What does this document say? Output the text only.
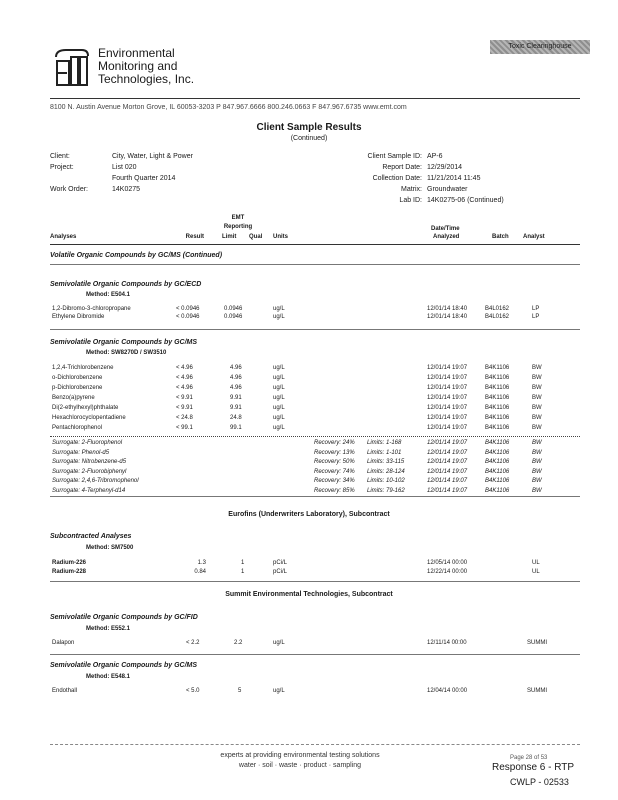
Environmental
Monitoring and
Technologies, Inc.
Toxic Clearinghouse
8100 N. Austin Avenue Morton Grove, IL 60053-3203 P 847.967.6666 800.246.0663 F 847.967.6735 www.emt.com
Client Sample Results
(Continued)
Client:	City, Water, Light & Power
Project:	List 020
Fourth Quarter 2014
Work Order:	14K0275
Client Sample ID: AP-6
Report Date: 12/29/2014
Collection Date: 11/21/2014 11:45
Matrix: Groundwater
Lab ID: 14K0275-06 (Continued)
EMT
Reporting
Analyses	Result	Limit Qual Units
Date/Time
Analyzed	Batch Analyst
Volatile Organic Compounds by GC/MS (Continued)
Semivolatile Organic Compounds by GC/ECD
Method: E504.1
1,2-Dibromo-3-chloropropane	< 0.0946	0.0946	ug/L	12/01/14 18:40	B4L0162	LP
Ethylene Dibromide	< 0.0946	0.0946	ug/L	12/01/14 18:40	B4L0162	LP
Semivolatile Organic Compounds by GC/MS
Method: SW8270D / SW3510
1,2,4-Trichlorobenzene	< 4.96	4.96	ug/L	12/01/14 19:07	B4K1106	BW
o-Dichlorobenzene	< 4.96	4.96	ug/L	12/01/14 19:07	B4K1106	BW
p-Dichlorobenzene	< 4.96	4.96	ug/L	12/01/14 19:07	B4K1106	BW
Benzo(a)pyrene	< 9.91	9.91	ug/L	12/01/14 19:07	B4K1106	BW
Di(2-ethylhexyl)phthalate	< 9.91	9.91	ug/L	12/01/14 19:07	B4K1106	BW
Hexachlorocyclopentadiene	< 24.8	24.8	ug/L	12/01/14 19:07	B4K1106	BW
Pentachlorophenol	< 99.1	99.1	ug/L	12/01/14 19:07	B4K1106	BW
Surrogate: 2-Fluorophenol	Recovery: 24% Limits: 1-168	12/01/14 19:07	B4K1106	BW
Surrogate: Phenol-d5	Recovery: 13% Limits: 1-101	12/01/14 19:07	B4K1106	BW
Surrogate: Nitrobenzene-d5	Recovery: 50% Limits: 33-115	12/01/14 19:07	B4K1106	BW
Surrogate: 2-Fluorobiphenyl	Recovery: 74% Limits: 28-124	12/01/14 19:07	B4K1106	BW
Surrogate: 2,4,6-Tribromophenol	Recovery: 34% Limits: 10-102	12/01/14 19:07	B4K1106	BW
Surrogate: 4-Terphenyl-d14	Recovery: 85% Limits: 79-162	12/01/14 19:07	B4K1106	BW
Eurofins (Underwriters Laboratory), Subcontract
Subcontracted Analyses
Method: SM7500
Radium-226	1.3	1	pCi/L	12/05/14 00:00	UL
Radium-228	0.84	1	pCi/L	12/22/14 00:00	UL
Summit Environmental Technologies, Subcontract
Semivolatile Organic Compounds by GC/FID
Method: E552.1
Dalapon	< 2.2	2.2	ug/L	12/11/14 00:00	SUMMI
Semivolatile Organic Compounds by GC/MS
Method: E548.1
Endothall	< 5.0	5	ug/L	12/04/14 00:00	SUMMI
experts at providing environmental testing solutions
water · soil · waste · product · sampling
Page 28 of 53
Response 6 - RTP
CWLP - 02533
